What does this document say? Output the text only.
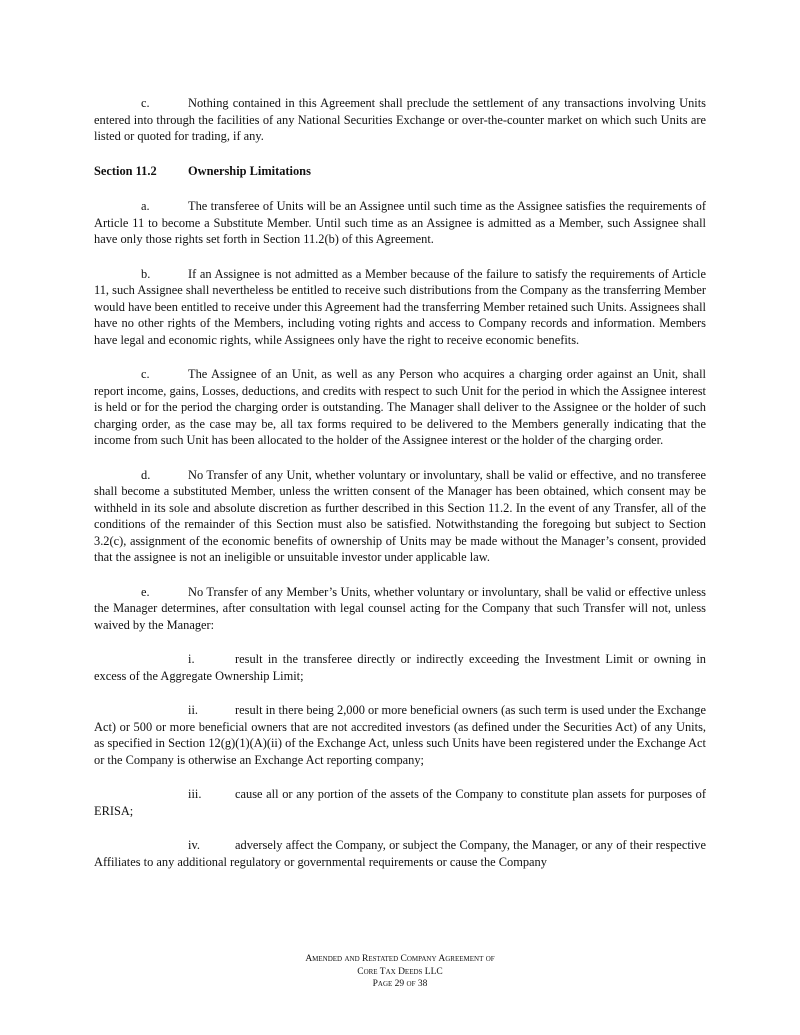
c.	Nothing contained in this Agreement shall preclude the settlement of any transactions involving Units entered into through the facilities of any National Securities Exchange or over-the-counter market on which such Units are listed or quoted for trading, if any.

Section 11.2	Ownership Limitations

a.	The transferee of Units will be an Assignee until such time as the Assignee satisfies the requirements of Article 11 to become a Substitute Member. Until such time as an Assignee is admitted as a Member, such Assignee shall have only those rights set forth in Section 11.2(b) of this Agreement.

b.	If an Assignee is not admitted as a Member because of the failure to satisfy the requirements of Article 11, such Assignee shall nevertheless be entitled to receive such distributions from the Company as the transferring Member would have been entitled to receive under this Agreement had the transferring Member retained such Units. Assignees shall have no other rights of the Members, including voting rights and access to Company records and information. Members have legal and economic rights, while Assignees only have the right to receive economic benefits.

c.	The Assignee of an Unit, as well as any Person who acquires a charging order against an Unit, shall report income, gains, Losses, deductions, and credits with respect to such Unit for the period in which the Assignee interest is held or for the period the charging order is outstanding. The Manager shall deliver to the Assignee or the holder of such charging order, as the case may be, all tax forms required to be delivered to the Members generally indicating that the income from such Unit has been allocated to the holder of the Assignee interest or the holder of the charging order.

d.	No Transfer of any Unit, whether voluntary or involuntary, shall be valid or effective, and no transferee shall become a substituted Member, unless the written consent of the Manager has been obtained, which consent may be withheld in its sole and absolute discretion as further described in this Section 11.2. In the event of any Transfer, all of the conditions of the remainder of this Section must also be satisfied. Notwithstanding the foregoing but subject to Section 3.2(c), assignment of the economic benefits of ownership of Units may be made without the Manager’s consent, provided that the assignee is not an ineligible or unsuitable investor under applicable law.

e.	No Transfer of any Member’s Units, whether voluntary or involuntary, shall be valid or effective unless the Manager determines, after consultation with legal counsel acting for the Company that such Transfer will not, unless waived by the Manager:

i.	result in the transferee directly or indirectly exceeding the Investment Limit or owning in excess of the Aggregate Ownership Limit;

ii.	result in there being 2,000 or more beneficial owners (as such term is used under the Exchange Act) or 500 or more beneficial owners that are not accredited investors (as defined under the Securities Act) of any Units, as specified in Section 12(g)(1)(A)(ii) of the Exchange Act, unless such Units have been registered under the Exchange Act or the Company is otherwise an Exchange Act reporting company;

iii.	cause all or any portion of the assets of the Company to constitute plan assets for purposes of ERISA;

iv.	adversely affect the Company, or subject the Company, the Manager, or any of their respective Affiliates to any additional regulatory or governmental requirements or cause the Company

Amended and Restated Company Agreement of
Core Tax Deeds LLC
Page 29 of 38
